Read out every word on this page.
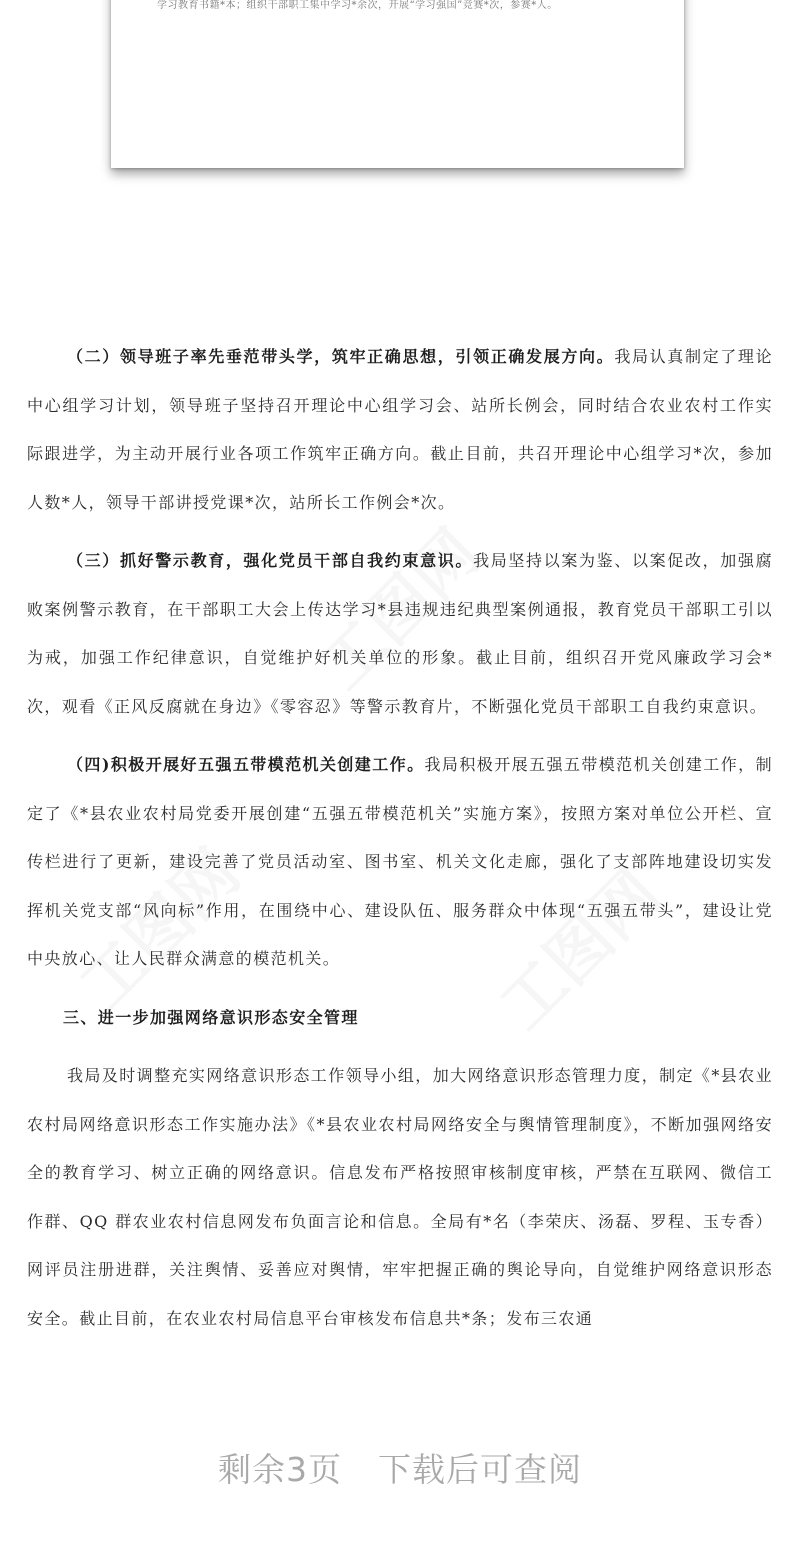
学习教育书籍*本；组织干部职工集中学习*余次，开展“学习强国”竞赛*次，参赛*人。

（二）领导班子率先垂范带头学，筑牢正确思想，引领正确发展方向。我局认真制定了理论中心组学习计划，领导班子坚持召开理论中心组学习会、站所长例会，同时结合农业农村工作实际跟进学，为主动开展行业各项工作筑牢正确方向。截止目前，共召开理论中心组学习*次，参加人数*人，领导干部讲授党课*次，站所长工作例会*次。

（三）抓好警示教育，强化党员干部自我约束意识。我局坚持以案为鉴、以案促改，加强腐败案例警示教育，在干部职工大会上传达学习*县违规违纪典型案例通报，教育党员干部职工引以为戒，加强工作纪律意识，自觉维护好机关单位的形象。截止目前，组织召开党风廉政学习会*次，观看《正风反腐就在身边》《零容忍》等警示教育片，不断强化党员干部职工自我约束意识。

（四)积极开展好五强五带模范机关创建工作。我局积极开展五强五带模范机关创建工作，制定了《*县农业农村局党委开展创建“五强五带模范机关”实施方案》，按照方案对单位公开栏、宣传栏进行了更新，建设完善了党员活动室、图书室、机关文化走廊，强化了支部阵地建设切实发挥机关党支部“风向标”作用，在围绕中心、建设队伍、服务群众中体现“五强五带头”，建设让党中央放心、让人民群众满意的模范机关。

三、进一步加强网络意识形态安全管理

我局及时调整充实网络意识形态工作领导小组，加大网络意识形态管理力度，制定《*县农业农村局网络意识形态工作实施办法》《*县农业农村局网络安全与舆情管理制度》，不断加强网络安全的教育学习、树立正确的网络意识。信息发布严格按照审核制度审核，严禁在互联网、微信工作群、QQ 群农业农村信息网发布负面言论和信息。全局有*名（李荣庆、汤磊、罗程、玉专香）网评员注册进群，关注舆情、妥善应对舆情，牢牢把握正确的舆论导向，自觉维护网络意识形态安全。截止目前，在农业农村局信息平台审核发布信息共*条；发布三农通

剩余3页 下载后可查阅
